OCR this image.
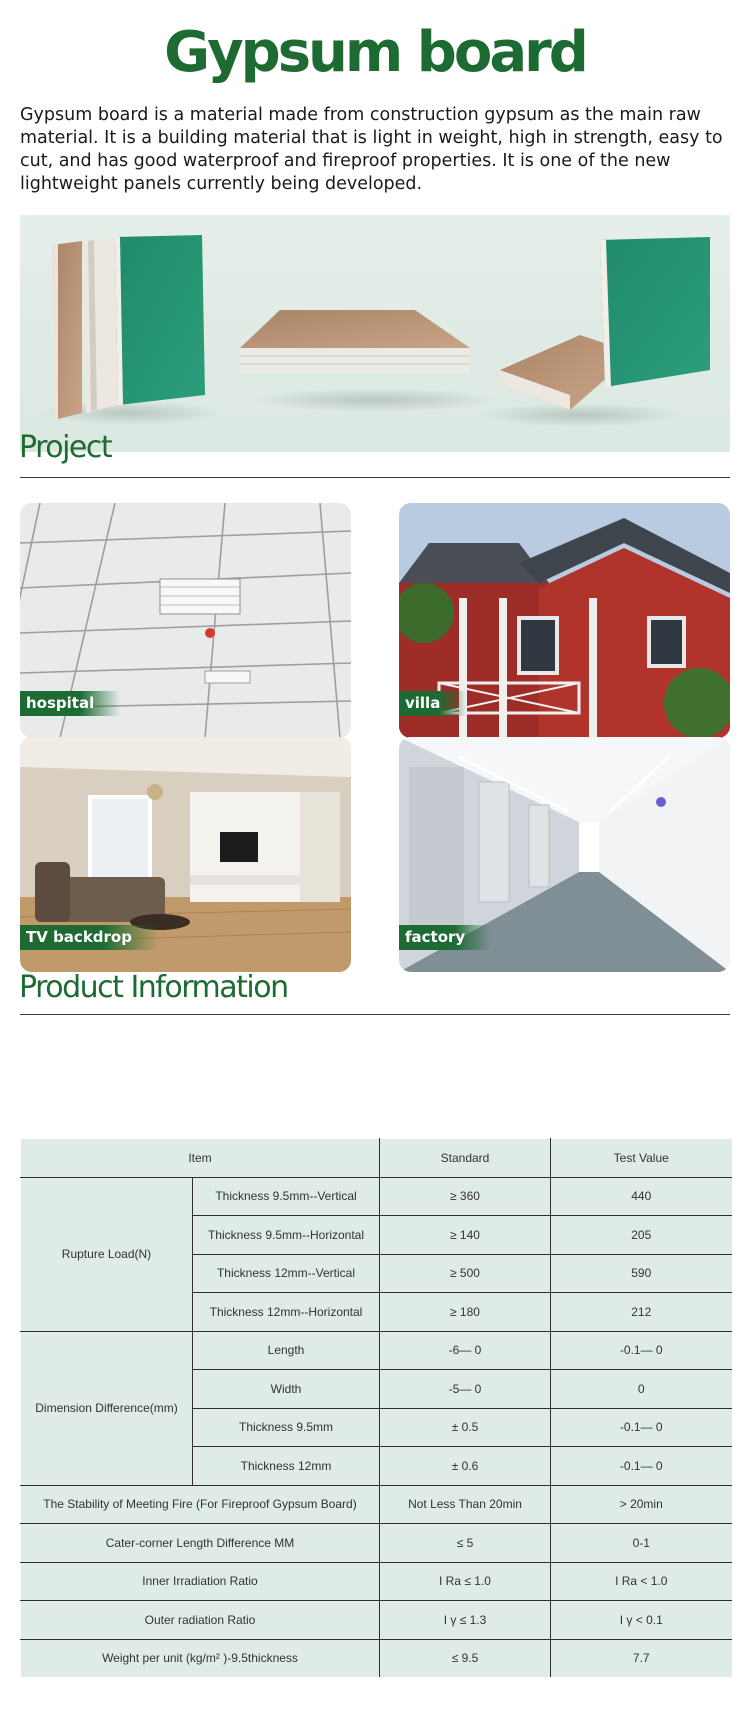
Gypsum board
Gypsum board is a material made from construction gypsum as the main raw material. It is a building material that is light in weight, high in strength, easy to cut, and has good waterproof and fireproof properties. It is one of the new lightweight panels currently being developed.
Project
hospital	villa
TV backdrop	factory
Product Information
Item		Standard	Test Value
Rupture Load(N)	Thickness 9.5mm--Vertical	≥ 360	440
	Thickness 9.5mm--Horizontal	≥ 140	205
	Thickness 12mm--Vertical	≥ 500	590
	Thickness 12mm--Horizontal	≥ 180	212
Dimension Difference(mm)	Length	-6— 0	-0.1— 0
	Width	-5— 0	0
	Thickness 9.5mm	± 0.5	-0.1— 0
	Thickness 12mm	± 0.6	-0.1— 0
The Stability of Meeting Fire (For Fireproof Gypsum Board)		Not Less Than 20min	> 20min
Cater-corner Length Difference MM		≤ 5	0-1
Inner Irradiation Ratio		I Ra ≤ 1.0	I Ra < 1.0
Outer radiation Ratio		I γ ≤ 1.3	I γ < 0.1
Weight per unit (kg/m² )-9.5thickness		≤ 9.5	7.7
